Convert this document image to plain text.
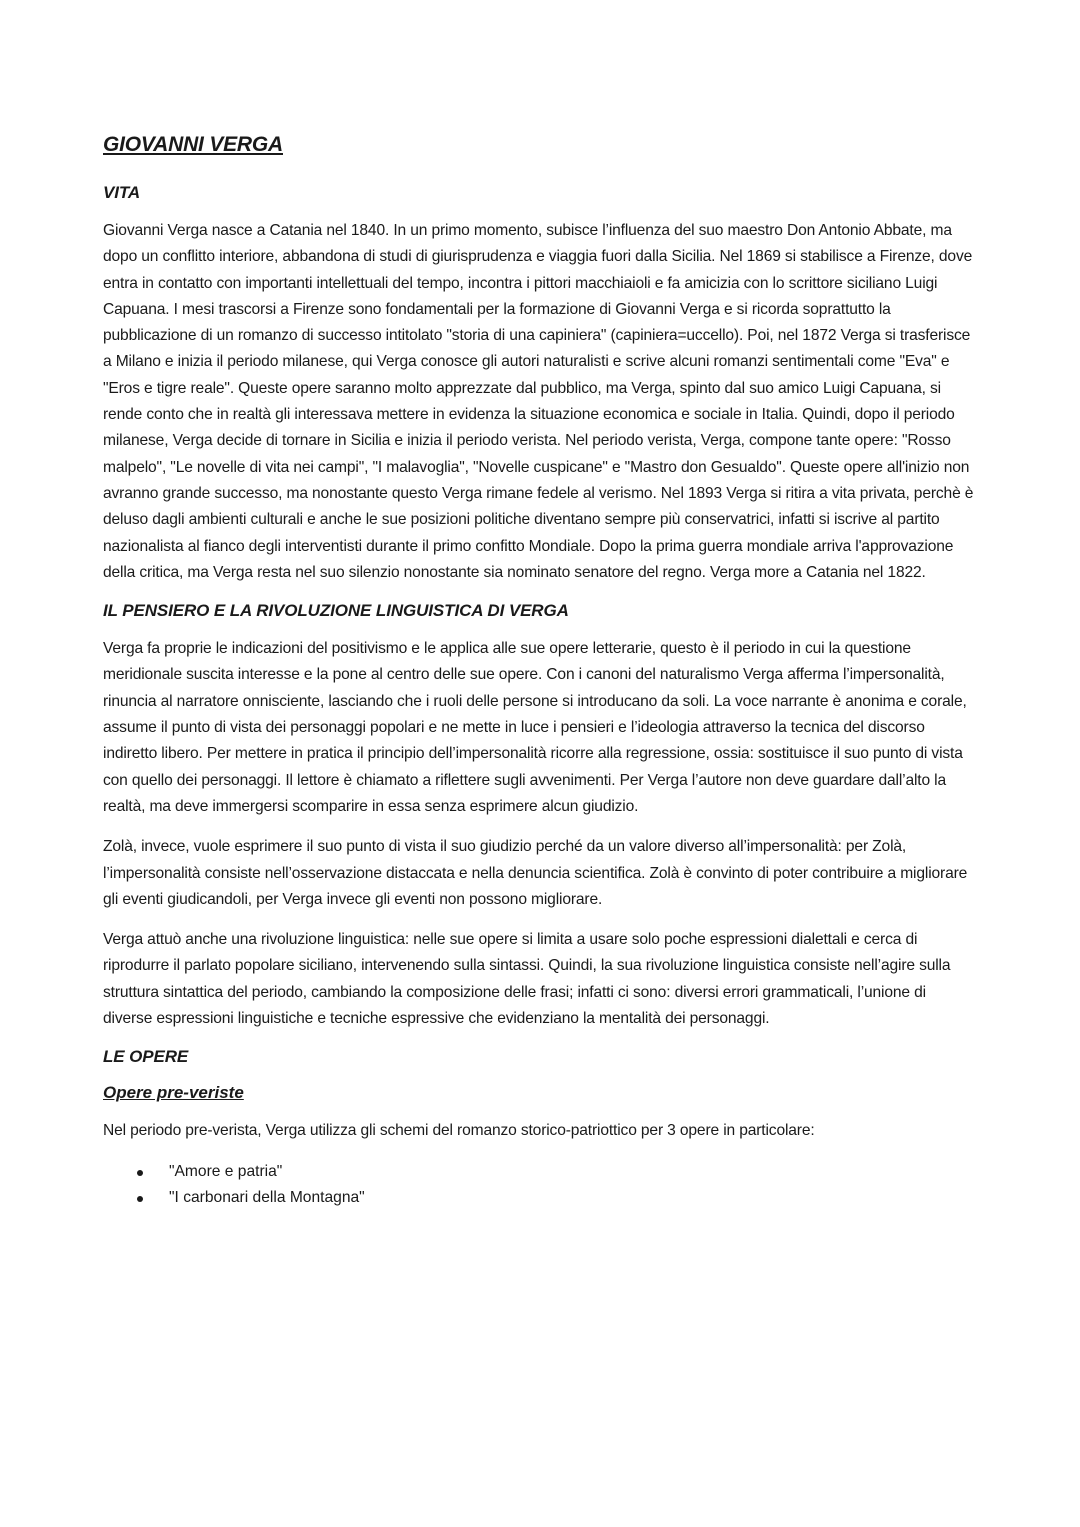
GIOVANNI VERGA
VITA

Giovanni Verga nasce a Catania nel 1840. In un primo momento, subisce l’influenza del suo maestro Don Antonio Abbate, ma dopo un conflitto interiore, abbandona di studi di giurisprudenza e viaggia fuori dalla Sicilia. Nel 1869 si stabilisce a Firenze, dove entra in contatto con importanti intellettuali del tempo, incontra i pittori macchiaioli e fa amicizia con lo scrittore siciliano Luigi Capuana. I mesi trascorsi a Firenze sono fondamentali per la formazione di Giovanni Verga e si ricorda soprattutto la pubblicazione di un romanzo di successo intitolato "storia di una capiniera" (capiniera=uccello). Poi, nel 1872 Verga si trasferisce a Milano e inizia il periodo milanese, qui Verga conosce gli autori naturalisti e scrive alcuni romanzi sentimentali come "Eva" e "Eros e tigre reale". Queste opere saranno molto apprezzate dal pubblico, ma Verga, spinto dal suo amico Luigi Capuana, si rende conto che in realtà gli interessava mettere in evidenza la situazione economica e sociale in Italia. Quindi, dopo il periodo milanese, Verga decide di tornare in Sicilia e inizia il periodo verista. Nel periodo verista, Verga, compone tante opere: "Rosso malpelo", "Le novelle di vita nei campi", "I malavoglia", "Novelle cuspicane" e "Mastro don Gesualdo". Queste opere all'inizio non avranno grande successo, ma nonostante questo Verga rimane fedele al verismo. Nel 1893 Verga si ritira a vita privata, perchè è deluso dagli ambienti culturali e anche le sue posizioni politiche diventano sempre più conservatrici, infatti si iscrive al partito nazionalista al fianco degli interventisti durante il primo confitto Mondiale. Dopo la prima guerra mondiale arriva l'approvazione della critica, ma Verga resta nel suo silenzio nonostante sia nominato senatore del regno. Verga more a Catania nel 1822.

IL PENSIERO E LA RIVOLUZIONE LINGUISTICA DI VERGA

Verga fa proprie le indicazioni del positivismo e le applica alle sue opere letterarie, questo è il periodo in cui la questione meridionale suscita interesse e la pone al centro delle sue opere. Con i canoni del naturalismo Verga afferma l’impersonalità, rinuncia al narratore onnisciente, lasciando che i ruoli delle persone si introducano da soli. La voce narrante è anonima e corale, assume il punto di vista dei personaggi popolari e ne mette in luce i pensieri e l’ideologia attraverso la tecnica del discorso indiretto libero. Per mettere in pratica il principio dell’impersonalità ricorre alla regressione, ossia: sostituisce il suo punto di vista con quello dei personaggi. Il lettore è chiamato a riflettere sugli avvenimenti. Per Verga l’autore non deve guardare dall’alto la realtà, ma deve immergersi scomparire in essa senza esprimere alcun giudizio.

Zolà, invece, vuole esprimere il suo punto di vista il suo giudizio perché da un valore diverso all’impersonalità: per Zolà, l’impersonalità consiste nell’osservazione distaccata e nella denuncia scientifica. Zolà è convinto di poter contribuire a migliorare gli eventi giudicandoli, per Verga invece gli eventi non possono migliorare.

Verga attuò anche una rivoluzione linguistica: nelle sue opere si limita a usare solo poche espressioni dialettali e cerca di riprodurre il parlato popolare siciliano, intervenendo sulla sintassi. Quindi, la sua rivoluzione linguistica consiste nell’agire sulla struttura sintattica del periodo, cambiando la composizione delle frasi; infatti ci sono: diversi errori grammaticali, l’unione di diverse espressioni linguistiche e tecniche espressive che evidenziano la mentalità dei personaggi.

LE OPERE
Opere pre-veriste

Nel periodo pre-verista, Verga utilizza gli schemi del romanzo storico-patriottico per 3 opere in particolare:

"Amore e patria"
"I carbonari della Montagna"
